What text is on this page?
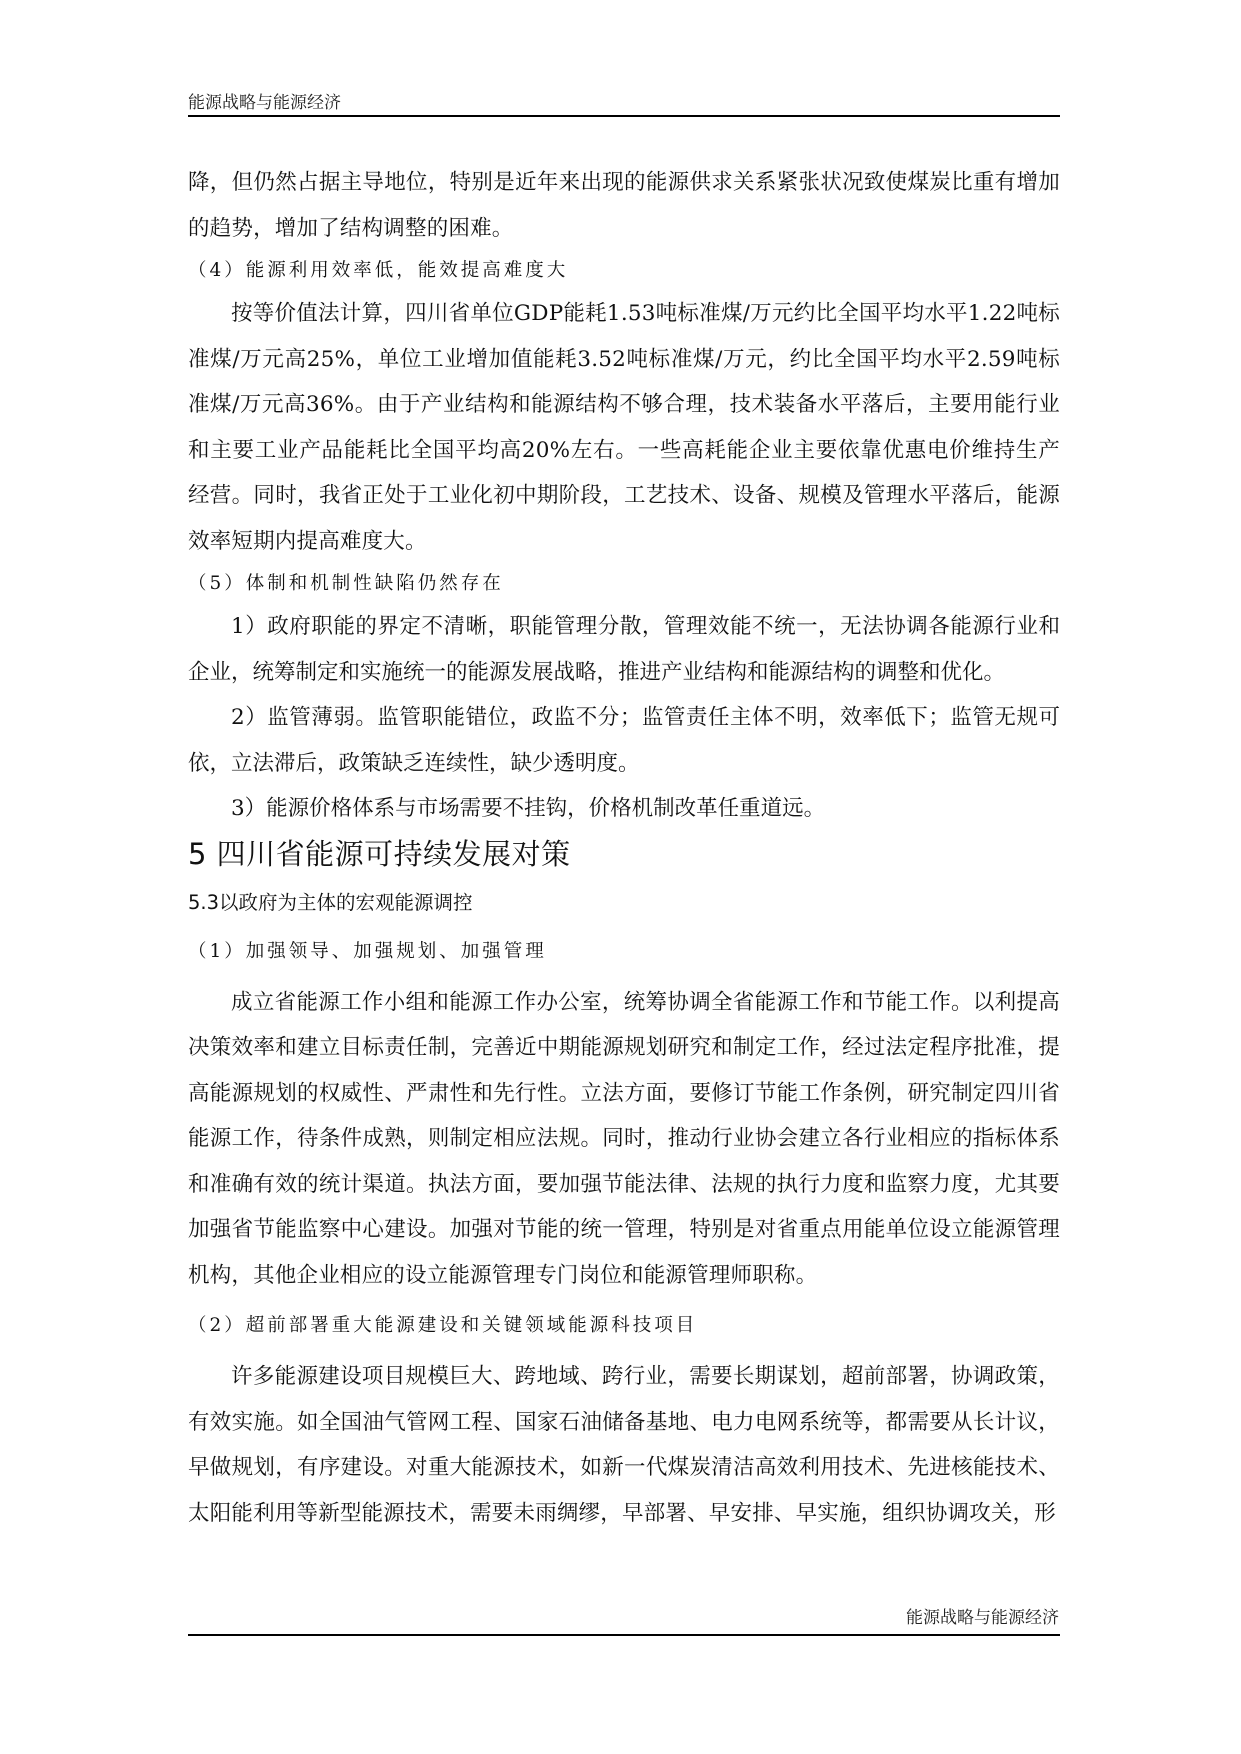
能源战略与能源经济

降，但仍然占据主导地位，特别是近年来出现的能源供求关系紧张状况致使煤炭比重有增加的趋势，增加了结构调整的困难。

（4）能源利用效率低，能效提高难度大

按等价值法计算，四川省单位GDP能耗1.53吨标准煤/万元约比全国平均水平1.22吨标准煤/万元高25%，单位工业增加值能耗3.52吨标准煤/万元，约比全国平均水平2.59吨标准煤/万元高36%。由于产业结构和能源结构不够合理，技术装备水平落后，主要用能行业和主要工业产品能耗比全国平均高20%左右。一些高耗能企业主要依靠优惠电价维持生产经营。同时，我省正处于工业化初中期阶段，工艺技术、设备、规模及管理水平落后，能源效率短期内提高难度大。

（5）体制和机制性缺陷仍然存在

1）政府职能的界定不清晰，职能管理分散，管理效能不统一，无法协调各能源行业和企业，统筹制定和实施统一的能源发展战略，推进产业结构和能源结构的调整和优化。

2）监管薄弱。监管职能错位，政监不分；监管责任主体不明，效率低下；监管无规可依，立法滞后，政策缺乏连续性，缺少透明度。

3）能源价格体系与市场需要不挂钩，价格机制改革任重道远。

5 四川省能源可持续发展对策

5.3以政府为主体的宏观能源调控

（1）加强领导、加强规划、加强管理

成立省能源工作小组和能源工作办公室，统筹协调全省能源工作和节能工作。以利提高决策效率和建立目标责任制，完善近中期能源规划研究和制定工作，经过法定程序批准，提高能源规划的权威性、严肃性和先行性。立法方面，要修订节能工作条例，研究制定四川省能源工作，待条件成熟，则制定相应法规。同时，推动行业协会建立各行业相应的指标体系和准确有效的统计渠道。执法方面，要加强节能法律、法规的执行力度和监察力度，尤其要加强省节能监察中心建设。加强对节能的统一管理，特别是对省重点用能单位设立能源管理机构，其他企业相应的设立能源管理专门岗位和能源管理师职称。

（2）超前部署重大能源建设和关键领域能源科技项目

许多能源建设项目规模巨大、跨地域、跨行业，需要长期谋划，超前部署，协调政策，有效实施。如全国油气管网工程、国家石油储备基地、电力电网系统等，都需要从长计议，早做规划，有序建设。对重大能源技术，如新一代煤炭清洁高效利用技术、先进核能技术、太阳能利用等新型能源技术，需要未雨绸缪，早部署、早安排、早实施，组织协调攻关，形

能源战略与能源经济
